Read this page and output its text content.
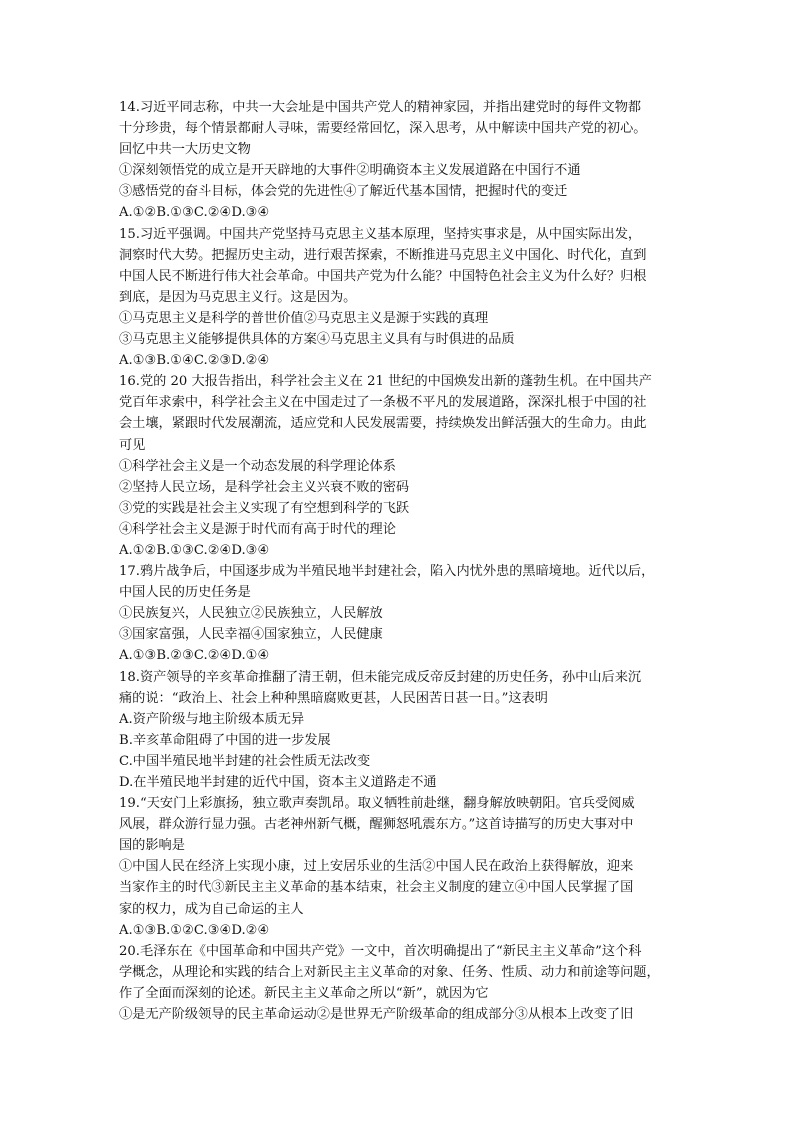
14.习近平同志称，中共一大会址是中国共产党人的精神家园，并指出建党时的每件文物都
十分珍贵，每个情景都耐人寻味，需要经常回忆，深入思考，从中解读中国共产党的初心。
回忆中共一大历史文物
①深刻领悟党的成立是开天辟地的大事件②明确资本主义发展道路在中国行不通
③感悟党的奋斗目标，体会党的先进性④了解近代基本国情，把握时代的变迁
A.①②B.①③C.②④D.③④
15.习近平强调。中国共产党坚持马克思主义基本原理，坚持实事求是，从中国实际出发，
洞察时代大势。把握历史主动，进行艰苦探索，不断推进马克思主义中国化、时代化，直到
中国人民不断进行伟大社会革命。中国共产党为什么能？中国特色社会主义为什么好？归根
到底，是因为马克思主义行。这是因为。
①马克思主义是科学的普世价值②马克思主义是源于实践的真理
③马克思主义能够提供具体的方案④马克思主义具有与时俱进的品质
A.①③B.①④C.②③D.②④
16.党的 20 大报告指出，科学社会主义在 21 世纪的中国焕发出新的蓬勃生机。在中国共产
党百年求索中，科学社会主义在中国走过了一条极不平凡的发展道路，深深扎根于中国的社
会土壤，紧跟时代发展潮流，适应党和人民发展需要，持续焕发出鲜活强大的生命力。由此
可见
①科学社会主义是一个动态发展的科学理论体系
②坚持人民立场，是科学社会主义兴衰不败的密码
③党的实践是社会主义实现了有空想到科学的飞跃
④科学社会主义是源于时代而有高于时代的理论
A.①②B.①③C.②④D.③④
17.鸦片战争后，中国逐步成为半殖民地半封建社会，陷入内忧外患的黑暗境地。近代以后，
中国人民的历史任务是
①民族复兴，人民独立②民族独立，人民解放
③国家富强，人民幸福④国家独立，人民健康
A.①③B.②③C.②④D.①④
18.资产领导的辛亥革命推翻了清王朝，但未能完成反帝反封建的历史任务，孙中山后来沉
痛的说：“政治上、社会上种种黑暗腐败更甚，人民困苦日甚一日。”这表明
A.资产阶级与地主阶级本质无异
B.辛亥革命阻碍了中国的进一步发展
C.中国半殖民地半封建的社会性质无法改变
D.在半殖民地半封建的近代中国，资本主义道路走不通
19.“天安门上彩旗扬，独立歌声奏凯昂。取义牺牲前赴继，翻身解放映朝阳。官兵受阅威
风展，群众游行显力强。古老神州新气概，醒狮怒吼震东方。”这首诗描写的历史大事对中
国的影响是
①中国人民在经济上实现小康，过上安居乐业的生活②中国人民在政治上获得解放，迎来
当家作主的时代③新民主主义革命的基本结束，社会主义制度的建立④中国人民掌握了国
家的权力，成为自己命运的主人
A.①③B.①②C.③④D.②④
20.毛泽东在《中国革命和中国共产党》一文中，首次明确提出了“新民主主义革命”这个科
学概念，从理论和实践的结合上对新民主主义革命的对象、任务、性质、动力和前途等问题，
作了全面而深刻的论述。新民主主义革命之所以“新”，就因为它
①是无产阶级领导的民主革命运动②是世界无产阶级革命的组成部分③从根本上改变了旧
